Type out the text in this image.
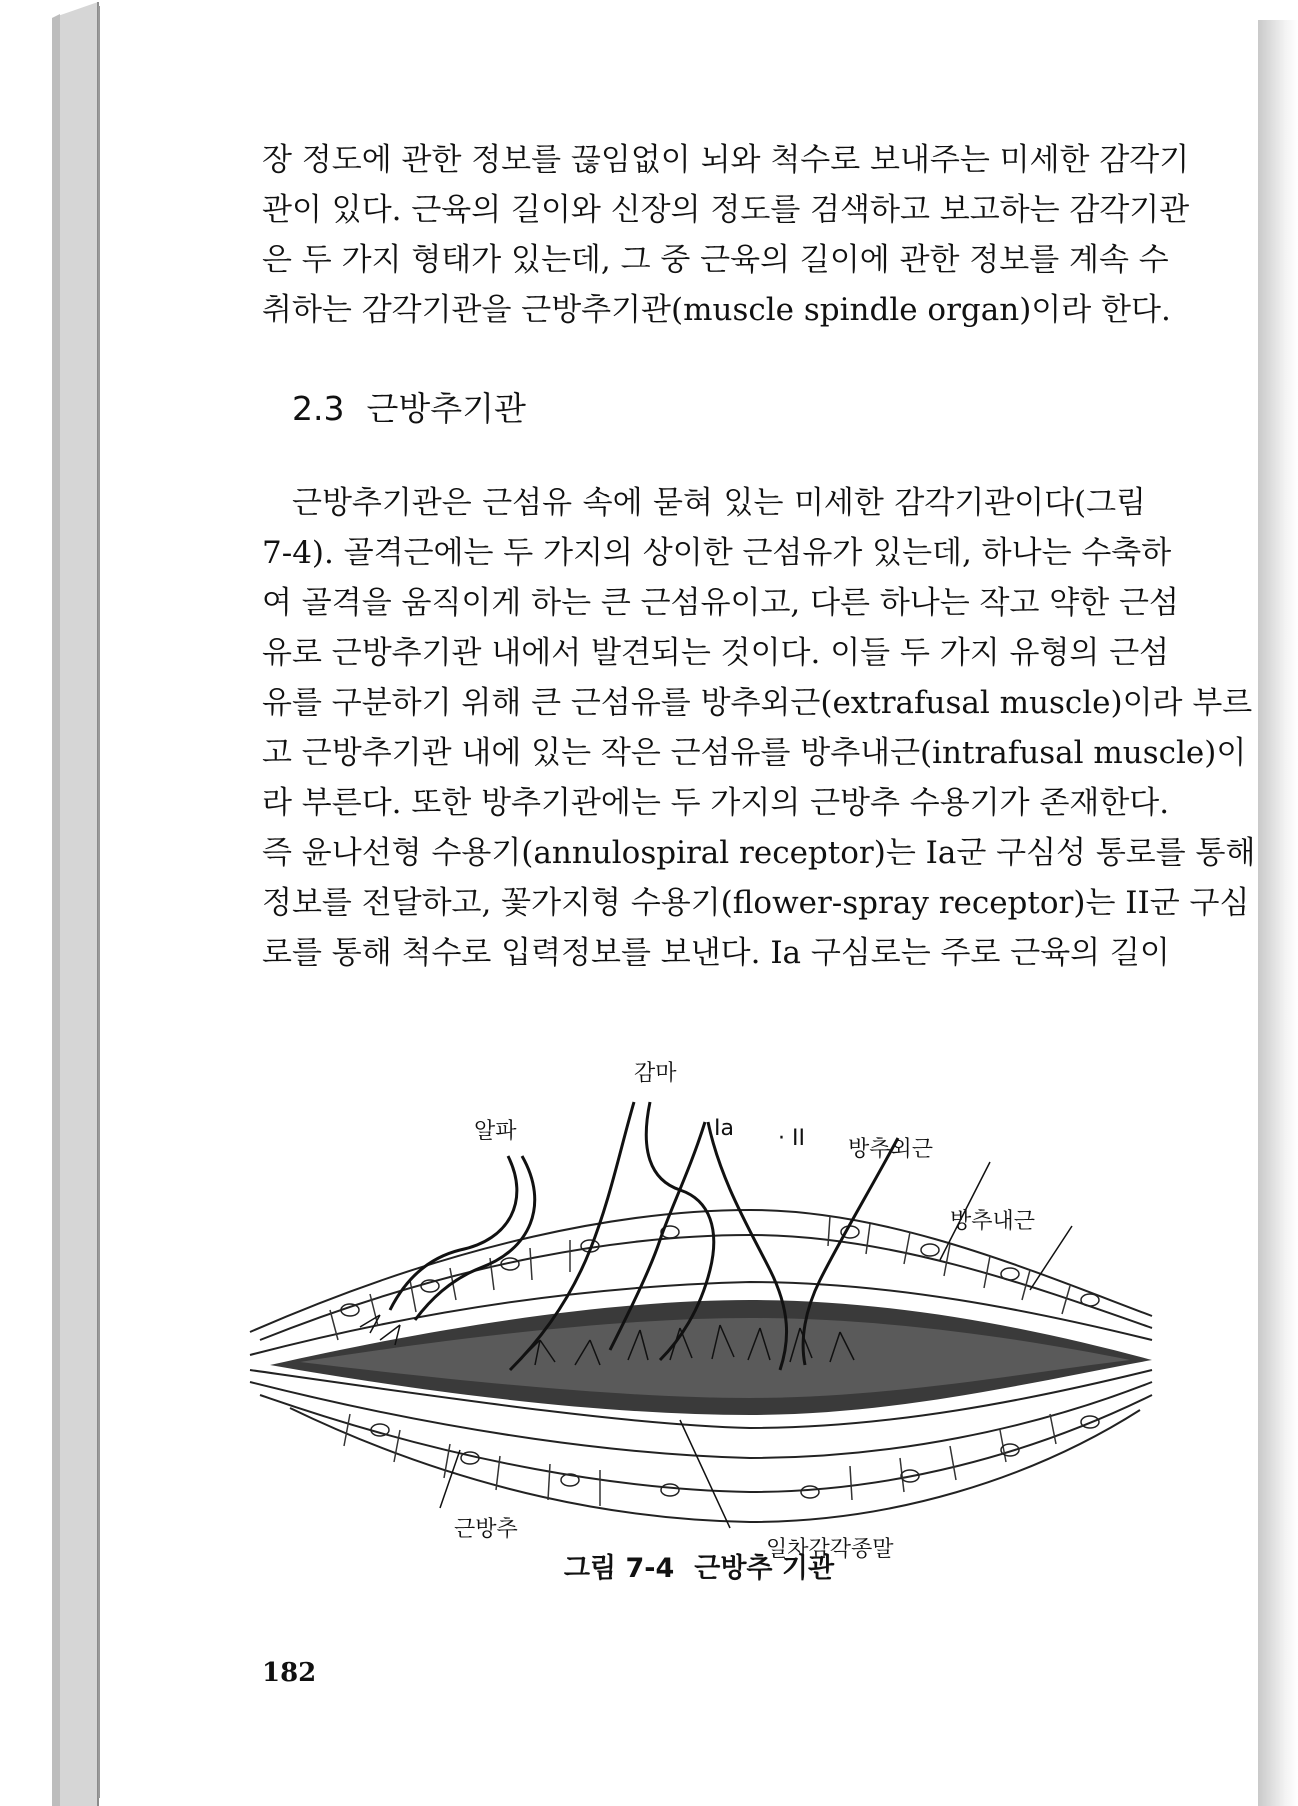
장 정도에 관한 정보를 끊임없이 뇌와 척수로 보내주는 미세한 감각기
관이 있다. 근육의 길이와 신장의 정도를 검색하고 보고하는 감각기관
은 두 가지 형태가 있는데, 그 중 근육의 길이에 관한 정보를 계속 수
취하는 감각기관을 근방추기관(muscle spindle organ)이라 한다.
2.3 근방추기관
근방추기관은 근섬유 속에 묻혀 있는 미세한 감각기관이다(그림
7-4). 골격근에는 두 가지의 상이한 근섬유가 있는데, 하나는 수축하
여 골격을 움직이게 하는 큰 근섬유이고, 다른 하나는 작고 약한 근섬
유로 근방추기관 내에서 발견되는 것이다. 이들 두 가지 유형의 근섬
유를 구분하기 위해 큰 근섬유를 방추외근(extrafusal muscle)이라 부르
고 근방추기관 내에 있는 작은 근섬유를 방추내근(intrafusal muscle)이
라 부른다. 또한 방추기관에는 두 가지의 근방추 수용기가 존재한다.
즉 윤나선형 수용기(annulospiral receptor)는 Ia군 구심성 통로를 통해
정보를 전달하고, 꽃가지형 수용기(flower-spray receptor)는 II군 구심
로를 통해 척수로 입력정보를 보낸다. Ia 구심로는 주로 근육의 길이
감마
알파	Ia · II 방추외근
방추내근
근방추
일차감각종말
그림 7-4 근방추 기관
182
